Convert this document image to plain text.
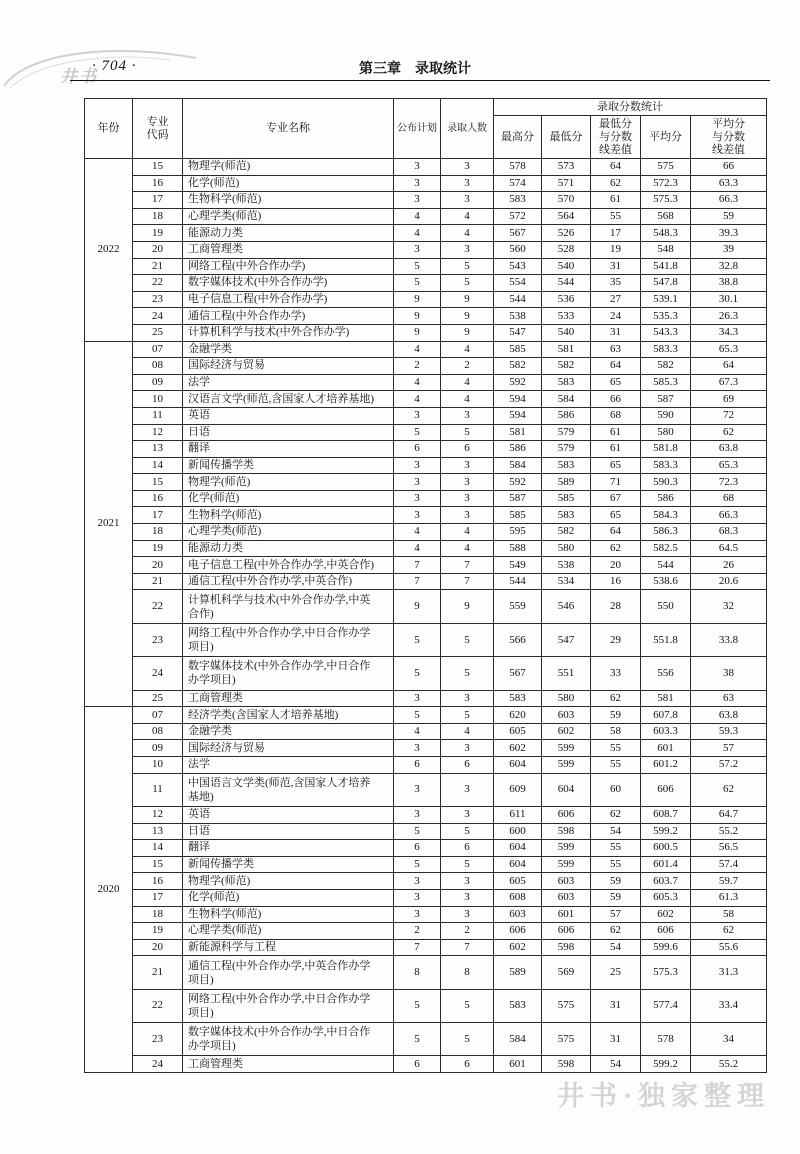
井书
· 704 ·	第三章　录取统计
年份	专业代码	专业名称	公布计划	录取人数	录取分数统计				
					最高分	最低分	最低分与分数线差值	平均分	平均分与分数线差值
2022	15	物理学(师范)	3	3	578	573	64	575	66
	16	化学(师范)	3	3	574	571	62	572.3	63.3
	17	生物科学(师范)	3	3	583	570	61	575.3	66.3
	18	心理学类(师范)	4	4	572	564	55	568	59
	19	能源动力类	4	4	567	526	17	548.3	39.3
	20	工商管理类	3	3	560	528	19	548	39
	21	网络工程(中外合作办学)	5	5	543	540	31	541.8	32.8
	22	数字媒体技术(中外合作办学)	5	5	554	544	35	547.8	38.8
	23	电子信息工程(中外合作办学)	9	9	544	536	27	539.1	30.1
	24	通信工程(中外合作办学)	9	9	538	533	24	535.3	26.3
	25	计算机科学与技术(中外合作办学)	9	9	547	540	31	543.3	34.3
2021	07	金融学类	4	4	585	581	63	583.3	65.3
	08	国际经济与贸易	2	2	582	582	64	582	64
	09	法学	4	4	592	583	65	585.3	67.3
	10	汉语言文学(师范,含国家人才培养基地)	4	4	594	584	66	587	69
	11	英语	3	3	594	586	68	590	72
	12	日语	5	5	581	579	61	580	62
	13	翻译	6	6	586	579	61	581.8	63.8
	14	新闻传播学类	3	3	584	583	65	583.3	65.3
	15	物理学(师范)	3	3	592	589	71	590.3	72.3
	16	化学(师范)	3	3	587	585	67	586	68
	17	生物科学(师范)	3	3	585	583	65	584.3	66.3
	18	心理学类(师范)	4	4	595	582	64	586.3	68.3
	19	能源动力类	4	4	588	580	62	582.5	64.5
	20	电子信息工程(中外合作办学,中英合作)	7	7	549	538	20	544	26
	21	通信工程(中外合作办学,中英合作)	7	7	544	534	16	538.6	20.6
	22	计算机科学与技术(中外合作办学,中英合作)	9	9	559	546	28	550	32
	23	网络工程(中外合作办学,中日合作办学项目)	5	5	566	547	29	551.8	33.8
	24	数字媒体技术(中外合作办学,中日合作办学项目)	5	5	567	551	33	556	38
	25	工商管理类	3	3	583	580	62	581	63
2020	07	经济学类(含国家人才培养基地)	5	5	620	603	59	607.8	63.8
	08	金融学类	4	4	605	602	58	603.3	59.3
	09	国际经济与贸易	3	3	602	599	55	601	57
	10	法学	6	6	604	599	55	601.2	57.2
	11	中国语言文学类(师范,含国家人才培养基地)	3	3	609	604	60	606	62
	12	英语	3	3	611	606	62	608.7	64.7
	13	日语	5	5	600	598	54	599.2	55.2
	14	翻译	6	6	604	599	55	600.5	56.5
	15	新闻传播学类	5	5	604	599	55	601.4	57.4
	16	物理学(师范)	3	3	605	603	59	603.7	59.7
	17	化学(师范)	3	3	608	603	59	605.3	61.3
	18	生物科学(师范)	3	3	603	601	57	602	58
	19	心理学类(师范)	2	2	606	606	62	606	62
	20	新能源科学与工程	7	7	602	598	54	599.6	55.6
	21	通信工程(中外合作办学,中英合作办学项目)	8	8	589	569	25	575.3	31.3
	22	网络工程(中外合作办学,中日合作办学项目)	5	5	583	575	31	577.4	33.4
	23	数字媒体技术(中外合作办学,中日合作办学项目)	5	5	584	575	31	578	34
	24	工商管理类	6	6	601	598	54	599.2	55.2
井书·独家整理
